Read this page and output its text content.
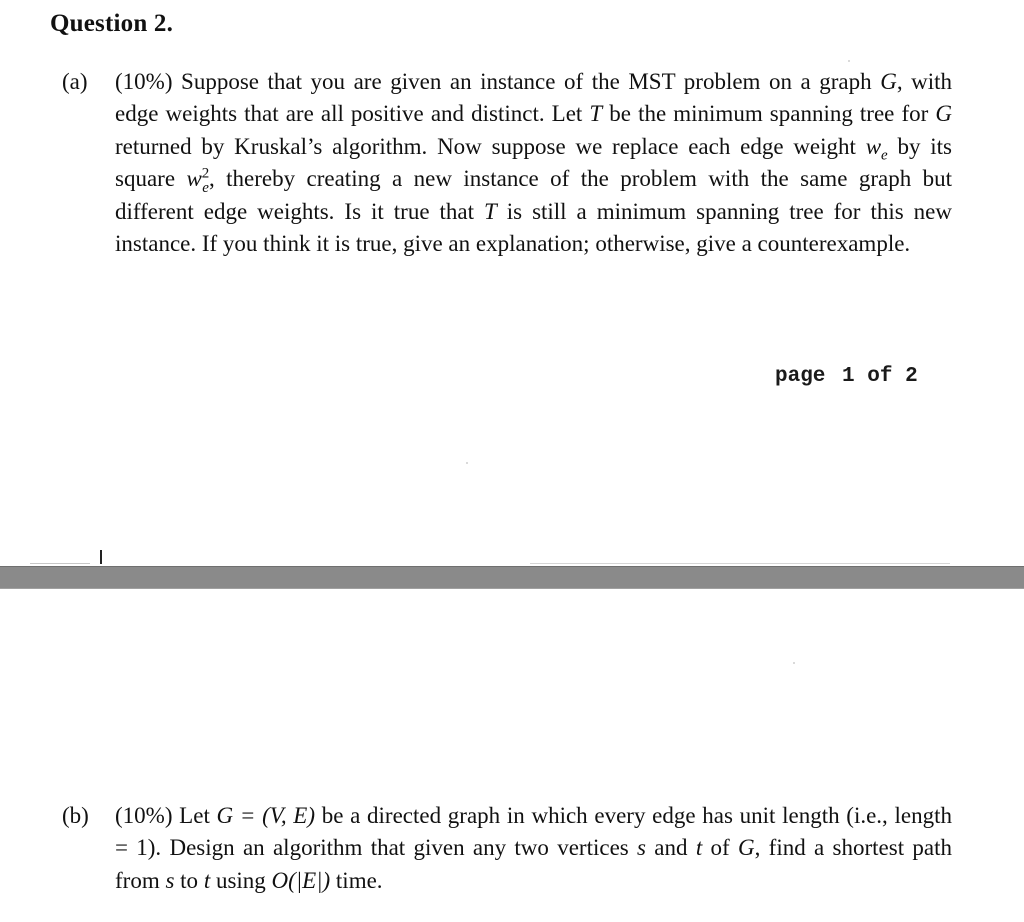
Question 2.
(a) (10%) Suppose that you are given an instance of the MST problem on a graph G, with edge weights that are all positive and distinct. Let T be the minimum spanning tree for G returned by Kruskal’s algorithm. Now suppose we replace each edge weight $w_e$ by its square $w^2_e$, thereby creating a new instance of the problem with the same graph but different edge weights. Is it true that T is still a minimum spanning tree for this new instance. If you think it is true, give an explanation; otherwise, give a counterexample.
page 1 of 2
(b) (10%) Let G = (V, E) be a directed graph in which every edge has unit length (i.e., length = 1). Design an algorithm that given any two vertices s and t of G, find a shortest path from s to t using O(|E|) time.
